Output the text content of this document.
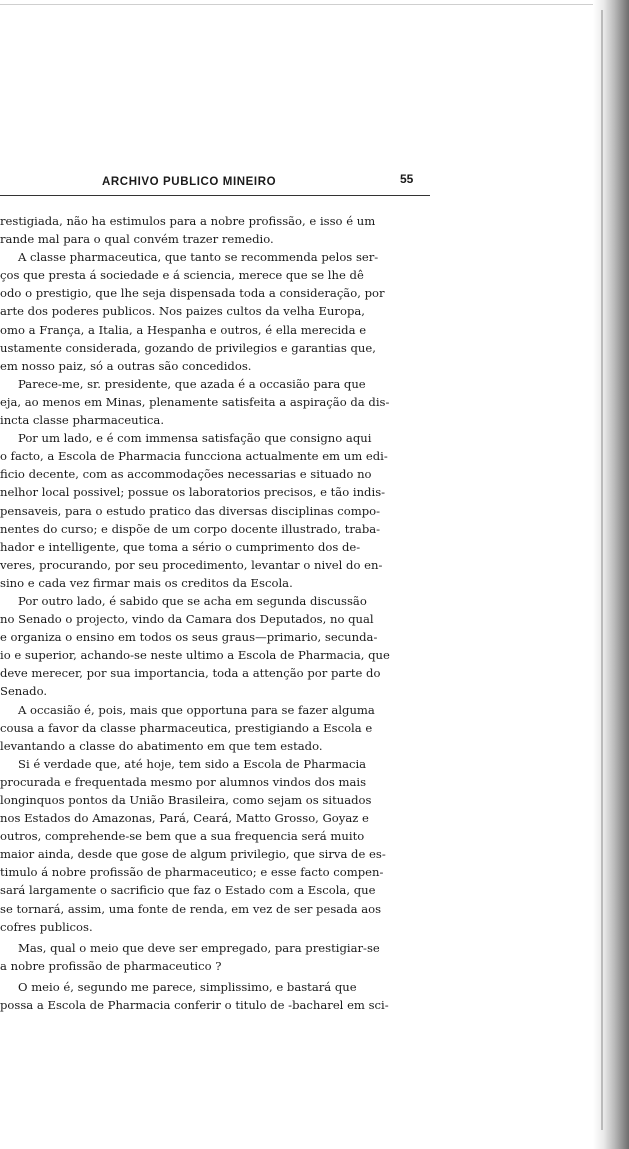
ARCHIVO PUBLICO MINEIRO	55
restigiada, não ha estimulos para a nobre profissão, e isso é um
rande mal para o qual convém trazer remedio.
A classe pharmaceutica, que tanto se recommenda pelos ser-
ços que presta á sociedade e á sciencia, merece que se lhe dê
odo o prestigio, que lhe seja dispensada toda a consideração, por
arte dos poderes publicos. Nos paizes cultos da velha Europa,
omo a França, a Italia, a Hespanha e outros, é ella merecida e
ustamente considerada, gozando de privilegios e garantias que,
em nosso paiz, só a outras são concedidos.
Parece-me, sr. presidente, que azada é a occasião para que
eja, ao menos em Minas, plenamente satisfeita a aspiração da dis-
incta classe pharmaceutica.
Por um lado, e é com immensa satisfação que consigno aqui
o facto, a Escola de Pharmacia funcciona actualmente em um edi-
ficio decente, com as accommodações necessarias e situado no
nelhor local possivel; possue os laboratorios precisos, e tão indis-
pensaveis, para o estudo pratico das diversas disciplinas compo-
nentes do curso; e dispõe de um corpo docente illustrado, traba-
hador e intelligente, que toma a sério o cumprimento dos de-
veres, procurando, por seu procedimento, levantar o nivel do en-
sino e cada vez firmar mais os creditos da Escola.
Por outro lado, é sabido que se acha em segunda discussão
no Senado o projecto, vindo da Camara dos Deputados, no qual
e organiza o ensino em todos os seus graus—primario, secunda-
io e superior, achando-se neste ultimo a Escola de Pharmacia, que
deve merecer, por sua importancia, toda a attenção por parte do
Senado.
A occasião é, pois, mais que opportuna para se fazer alguma
cousa a favor da classe pharmaceutica, prestigiando a Escola e
levantando a classe do abatimento em que tem estado.
Si é verdade que, até hoje, tem sido a Escola de Pharmacia
procurada e frequentada mesmo por alumnos vindos dos mais
longinquos pontos da União Brasileira, como sejam os situados
nos Estados do Amazonas, Pará, Ceará, Matto Grosso, Goyaz e
outros, comprehende-se bem que a sua frequencia será muito
maior ainda, desde que gose de algum privilegio, que sirva de es-
timulo á nobre profissão de pharmaceutico; e esse facto compen-
sará largamente o sacrificio que faz o Estado com a Escola, que
se tornará, assim, uma fonte de renda, em vez de ser pesada aos
cofres publicos.
Mas, qual o meio que deve ser empregado, para prestigiar-se
a nobre profissão de pharmaceutico ?
O meio é, segundo me parece, simplissimo, e bastará que
possa a Escola de Pharmacia conferir o titulo de -bacharel em sci-
